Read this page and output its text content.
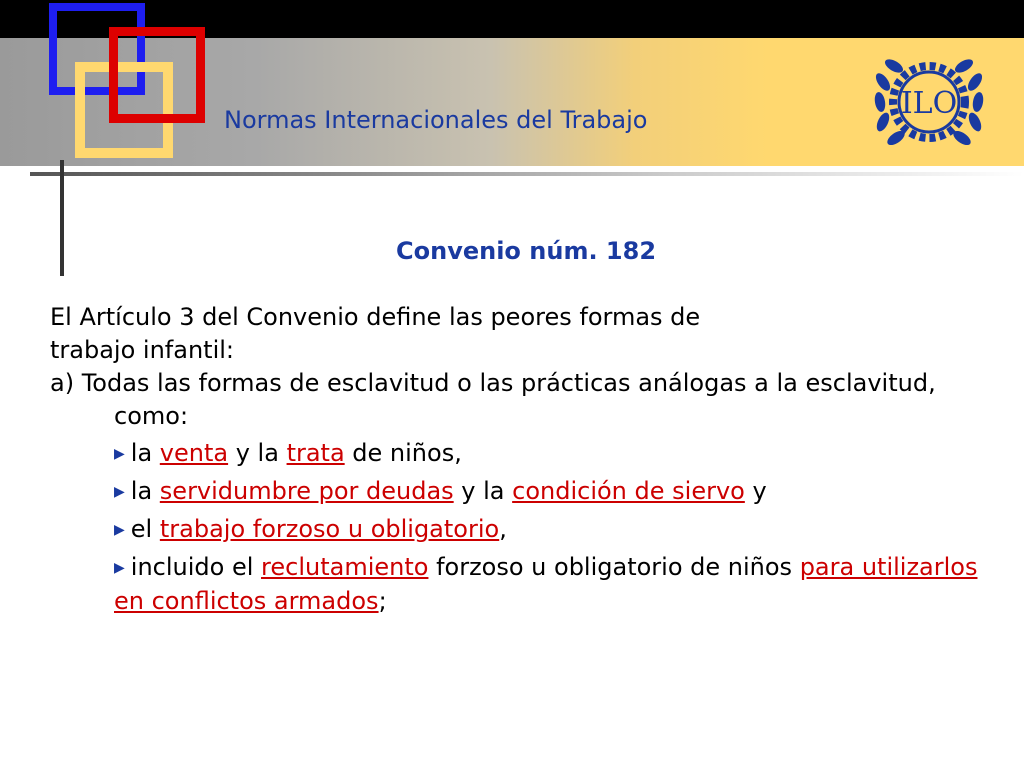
Normas Internacionales del Trabajo	ILO
Convenio núm. 182

El Artículo 3 del Convenio define las peores formas de

trabajo infantil:

a) Todas las formas de esclavitud o las prácticas análogas a la esclavitud, como:

▶ la venta y la trata de niños,

▶ la servidumbre por deudas y la condición de siervo y

▶ el trabajo forzoso u obligatorio,

▶ incluido el reclutamiento forzoso u obligatorio de niños para utilizarlos en conflictos armados;
